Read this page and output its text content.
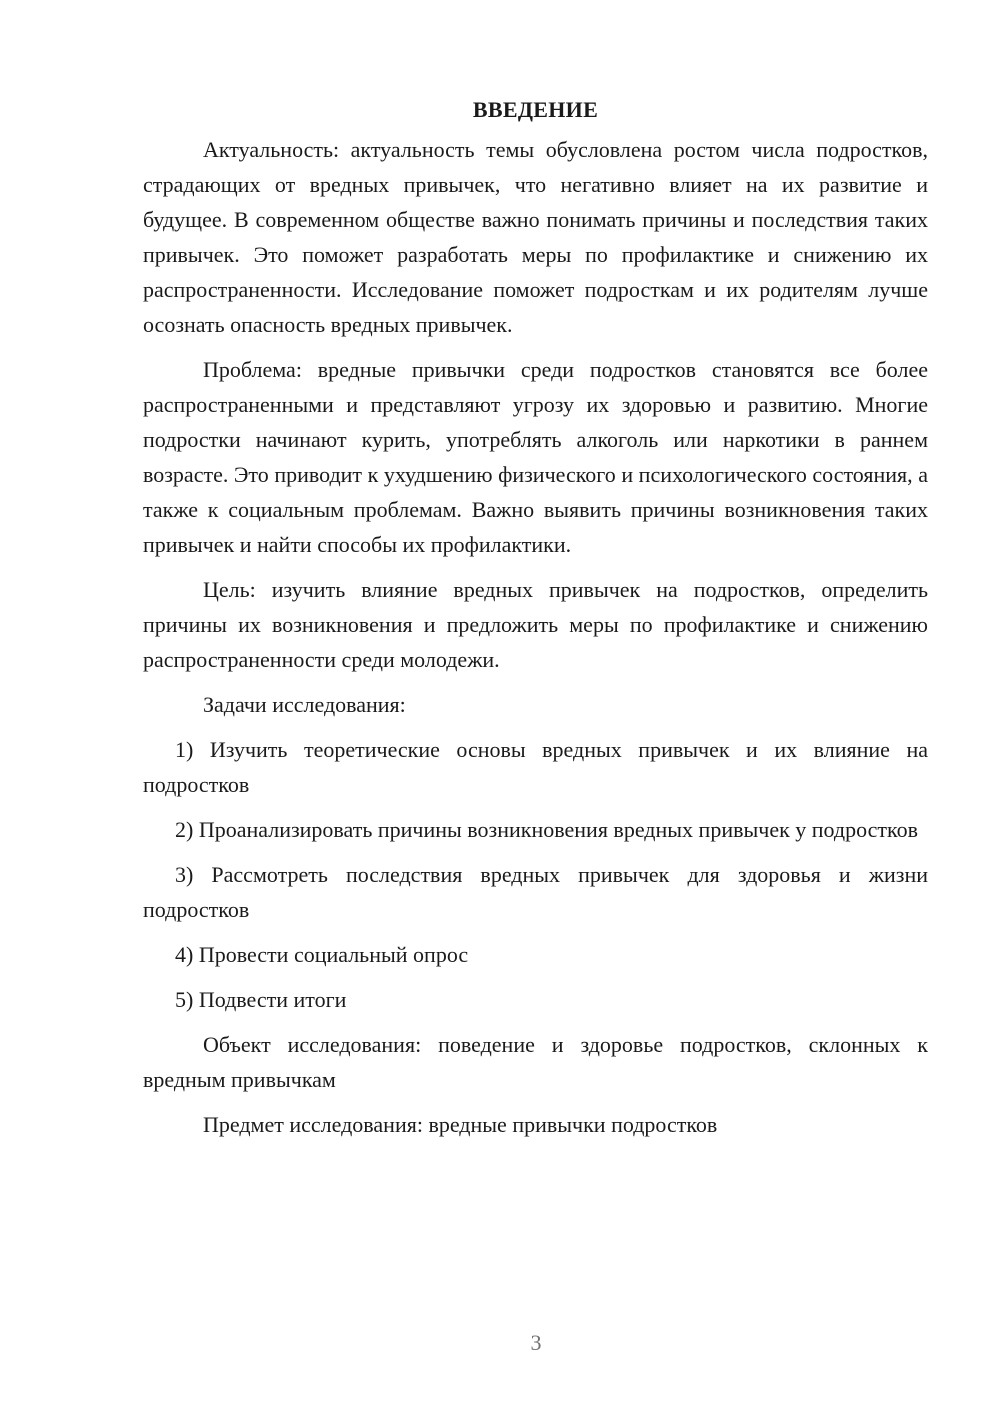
ВВЕДЕНИЕ

Актуальность: актуальность темы обусловлена ростом числа подростков, страдающих от вредных привычек, что негативно влияет на их развитие и будущее. В современном обществе важно понимать причины и последствия таких привычек. Это поможет разработать меры по профилактике и снижению их распространенности. Исследование поможет подросткам и их родителям лучше осознать опасность вредных привычек.

Проблема: вредные привычки среди подростков становятся все более распространенными и представляют угрозу их здоровью и развитию. Многие подростки начинают курить, употреблять алкоголь или наркотики в раннем возрасте. Это приводит к ухудшению физического и психологического состояния, а также к социальным проблемам. Важно выявить причины возникновения таких привычек и найти способы их профилактики.

Цель: изучить влияние вредных привычек на подростков, определить причины их возникновения и предложить меры по профилактике и снижению распространенности среди молодежи.

Задачи исследования:

1) Изучить теоретические основы вредных привычек и их влияние на подростков

2) Проанализировать причины возникновения вредных привычек у подростков

3) Рассмотреть последствия вредных привычек для здоровья и жизни подростков

4) Провести социальный опрос

5) Подвести итоги

Объект исследования: поведение и здоровье подростков, склонных к вредным привычкам

Предмет исследования: вредные привычки подростков

3
